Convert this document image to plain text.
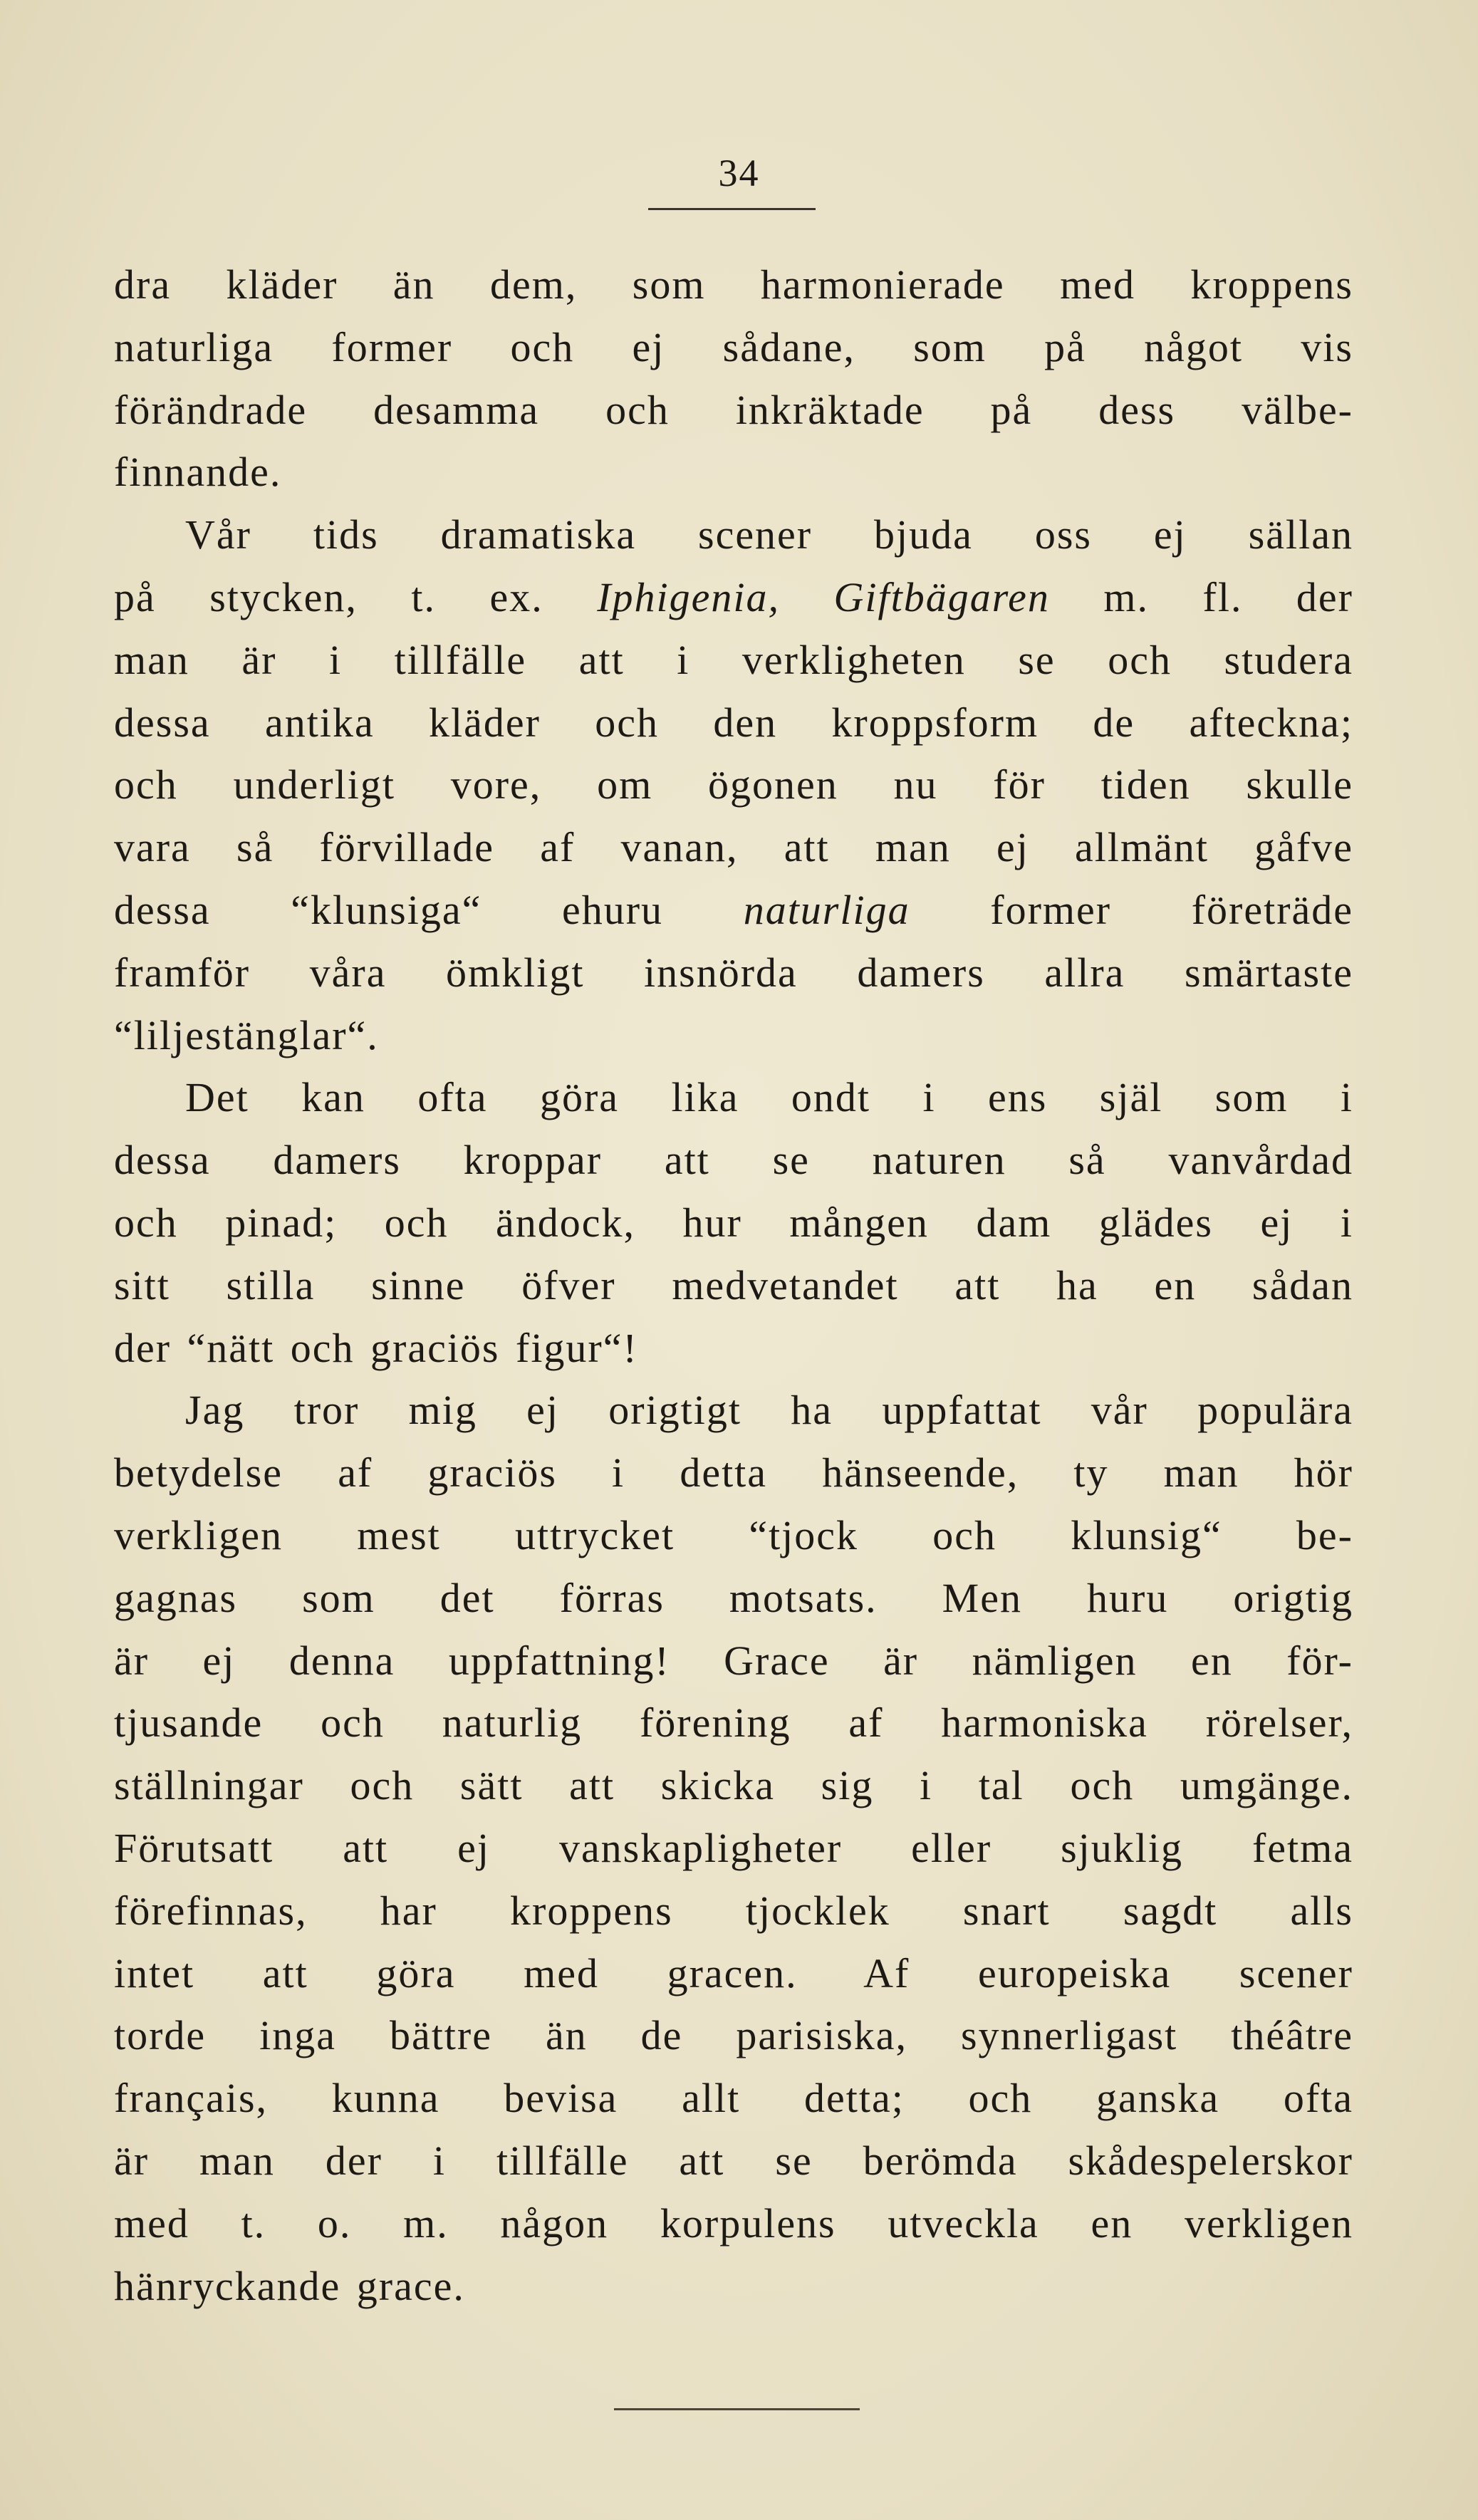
34
dra kläder än dem, som harmonierade med kroppens
naturliga former och ej sådane, som på något vis
förändrade desamma och inkräktade på dess välbe-
finnande.
Vår tids dramatiska scener bjuda oss ej sällan
på stycken, t. ex. Iphigenia, Giftbägaren m. fl. der
man är i tillfälle att i verkligheten se och studera
dessa antika kläder och den kroppsform de afteckna;
och underligt vore, om ögonen nu för tiden skulle
vara så förvillade af vanan, att man ej allmänt gåfve
dessa “klunsiga“ ehuru naturliga former företräde
framför våra ömkligt insnörda damers allra smärtaste
“liljestänglar“.
Det kan ofta göra lika ondt i ens själ som i
dessa damers kroppar att se naturen så vanvårdad
och pinad; och ändock, hur mången dam glädes ej i
sitt stilla sinne öfver medvetandet att ha en sådan
der “nätt och graciös figur“!
Jag tror mig ej origtigt ha uppfattat vår populära
betydelse af graciös i detta hänseende, ty man hör
verkligen mest uttrycket “tjock och klunsig“ be-
gagnas som det förras motsats. Men huru origtig
är ej denna uppfattning! Grace är nämligen en för-
tjusande och naturlig förening af harmoniska rörelser,
ställningar och sätt att skicka sig i tal och umgänge.
Förutsatt att ej vanskapligheter eller sjuklig fetma
förefinnas, har kroppens tjocklek snart sagdt alls
intet att göra med gracen. Af europeiska scener
torde inga bättre än de parisiska, synnerligast théâtre
français, kunna bevisa allt detta; och ganska ofta
är man der i tillfälle att se berömda skådespelerskor
med t. o. m. någon korpulens utveckla en verkligen
hänryckande grace.
